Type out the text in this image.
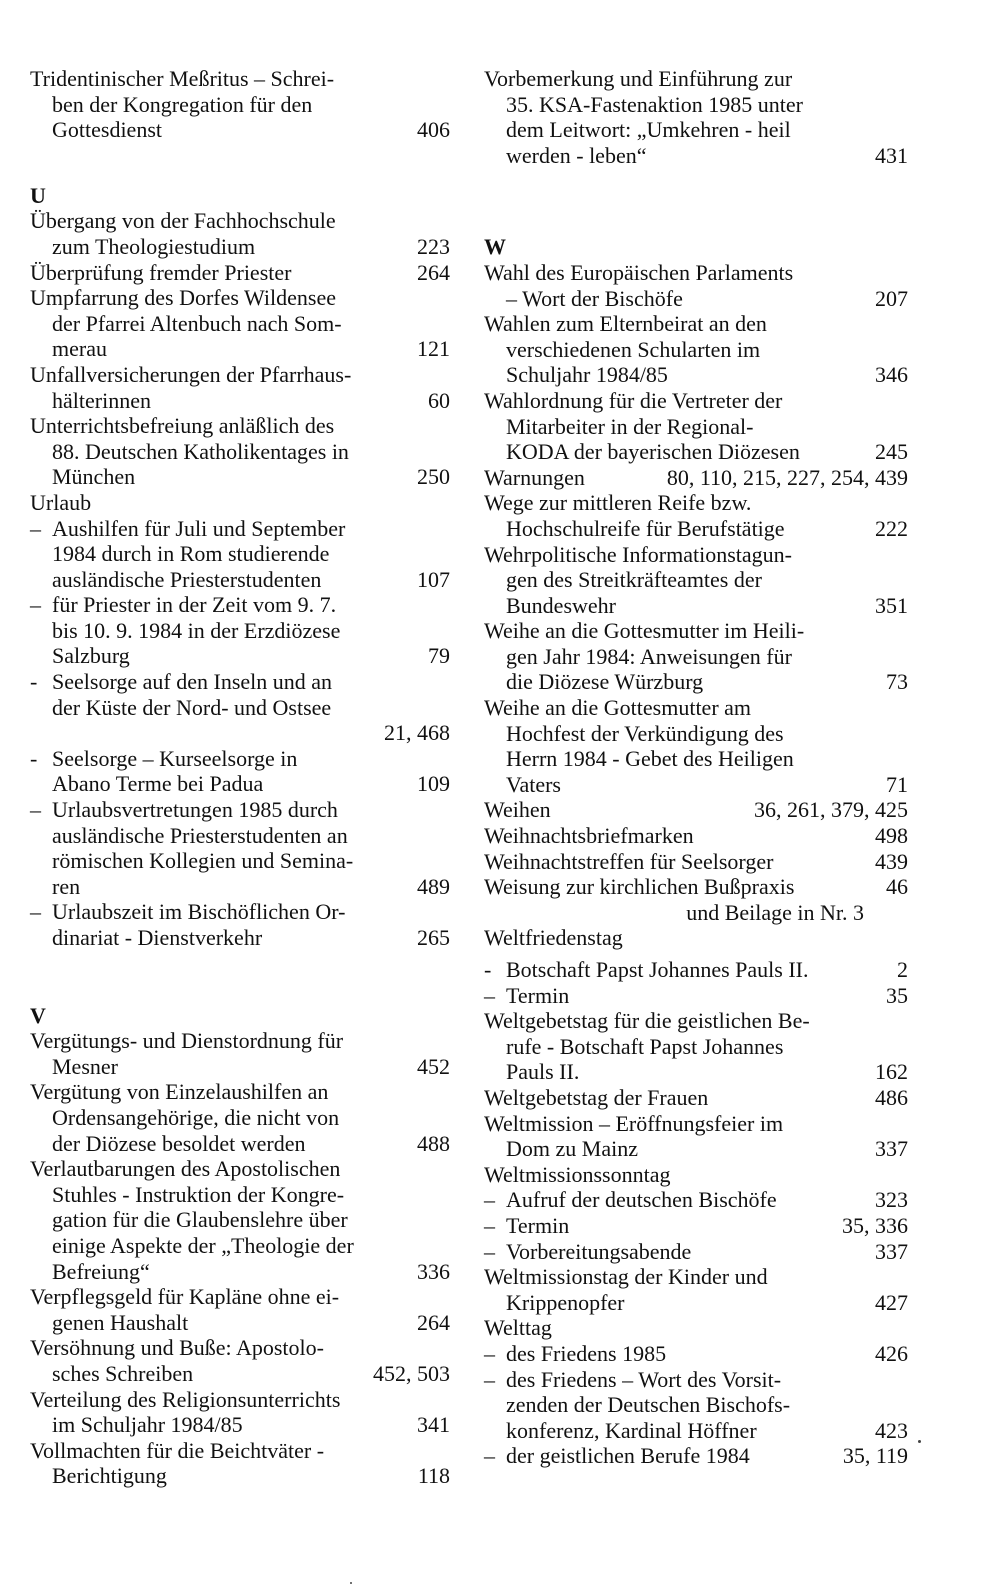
Tridentinischer Meßritus – Schrei-
ben der Kongregation für den
Gottesdienst	406
U
Übergang von der Fachhochschule
zum Theologiestudium	223
Überprüfung fremder Priester	264
Umpfarrung des Dorfes Wildensee
der Pfarrei Altenbuch nach Som-
merau	121
Unfallversicherungen der Pfarrhaus-
hälterinnen	60
Unterrichtsbefreiung anläßlich des
88. Deutschen Katholikentages in
München	250
Urlaub
– Aushilfen für Juli und September
1984 durch in Rom studierende
ausländische Priesterstudenten	107
– für Priester in der Zeit vom 9. 7.
bis 10. 9. 1984 in der Erzdiözese
Salzburg	79
- Seelsorge auf den Inseln und an
der Küste der Nord- und Ostsee
21, 468
- Seelsorge – Kurseelsorge in
Abano Terme bei Padua	109
– Urlaubsvertretungen 1985 durch
ausländische Priesterstudenten an
römischen Kollegien und Semina-
ren	489
– Urlaubszeit im Bischöflichen Or-
dinariat - Dienstverkehr	265
V
Vergütungs- und Dienstordnung für
Mesner	452
Vergütung von Einzelaushilfen an
Ordensangehörige, die nicht von
der Diözese besoldet werden	488
Verlautbarungen des Apostolischen
Stuhles - Instruktion der Kongre-
gation für die Glaubenslehre über
einige Aspekte der „Theologie der
Befreiung“	336
Verpflegsgeld für Kapläne ohne ei-
genen Haushalt	264
Versöhnung und Buße: Apostolo-
sches Schreiben	452, 503
Verteilung des Religionsunterrichts
im Schuljahr 1984/85	341
Vollmachten für die Beichtväter -
Berichtigung	118
Vorbemerkung und Einführung zur
35. KSA-Fastenaktion 1985 unter
dem Leitwort: „Umkehren - heil
werden - leben“	431
W
Wahl des Europäischen Parlaments
– Wort der Bischöfe	207
Wahlen zum Elternbeirat an den
verschiedenen Schularten im
Schuljahr 1984/85	346
Wahlordnung für die Vertreter der
Mitarbeiter in der Regional-
KODA der bayerischen Diözesen	245
Warnungen	80, 110, 215, 227, 254, 439
Wege zur mittleren Reife bzw.
Hochschulreife für Berufstätige	222
Wehrpolitische Informationstagun-
gen des Streitkräfteamtes der
Bundeswehr	351
Weihe an die Gottesmutter im Heili-
gen Jahr 1984: Anweisungen für
die Diözese Würzburg	73
Weihe an die Gottesmutter am
Hochfest der Verkündigung des
Herrn 1984 - Gebet des Heiligen
Vaters	71
Weihen	36, 261, 379, 425
Weihnachtsbriefmarken	498
Weihnachtstreffen für Seelsorger	439
Weisung zur kirchlichen Bußpraxis	46
und Beilage in Nr. 3
Weltfriedenstag
- Botschaft Papst Johannes Pauls II.	2
– Termin	35
Weltgebetstag für die geistlichen Be-
rufe - Botschaft Papst Johannes
Pauls II.	162
Weltgebetstag der Frauen	486
Weltmission – Eröffnungsfeier im
Dom zu Mainz	337
Weltmissionssonntag
– Aufruf der deutschen Bischöfe	323
– Termin	35, 336
– Vorbereitungsabende	337
Weltmissionstag der Kinder und
Krippenopfer	427
Welttag
– des Friedens 1985	426
– des Friedens – Wort des Vorsit-
zenden der Deutschen Bischofs-
konferenz, Kardinal Höffner	423
– der geistlichen Berufe 1984	35, 119
